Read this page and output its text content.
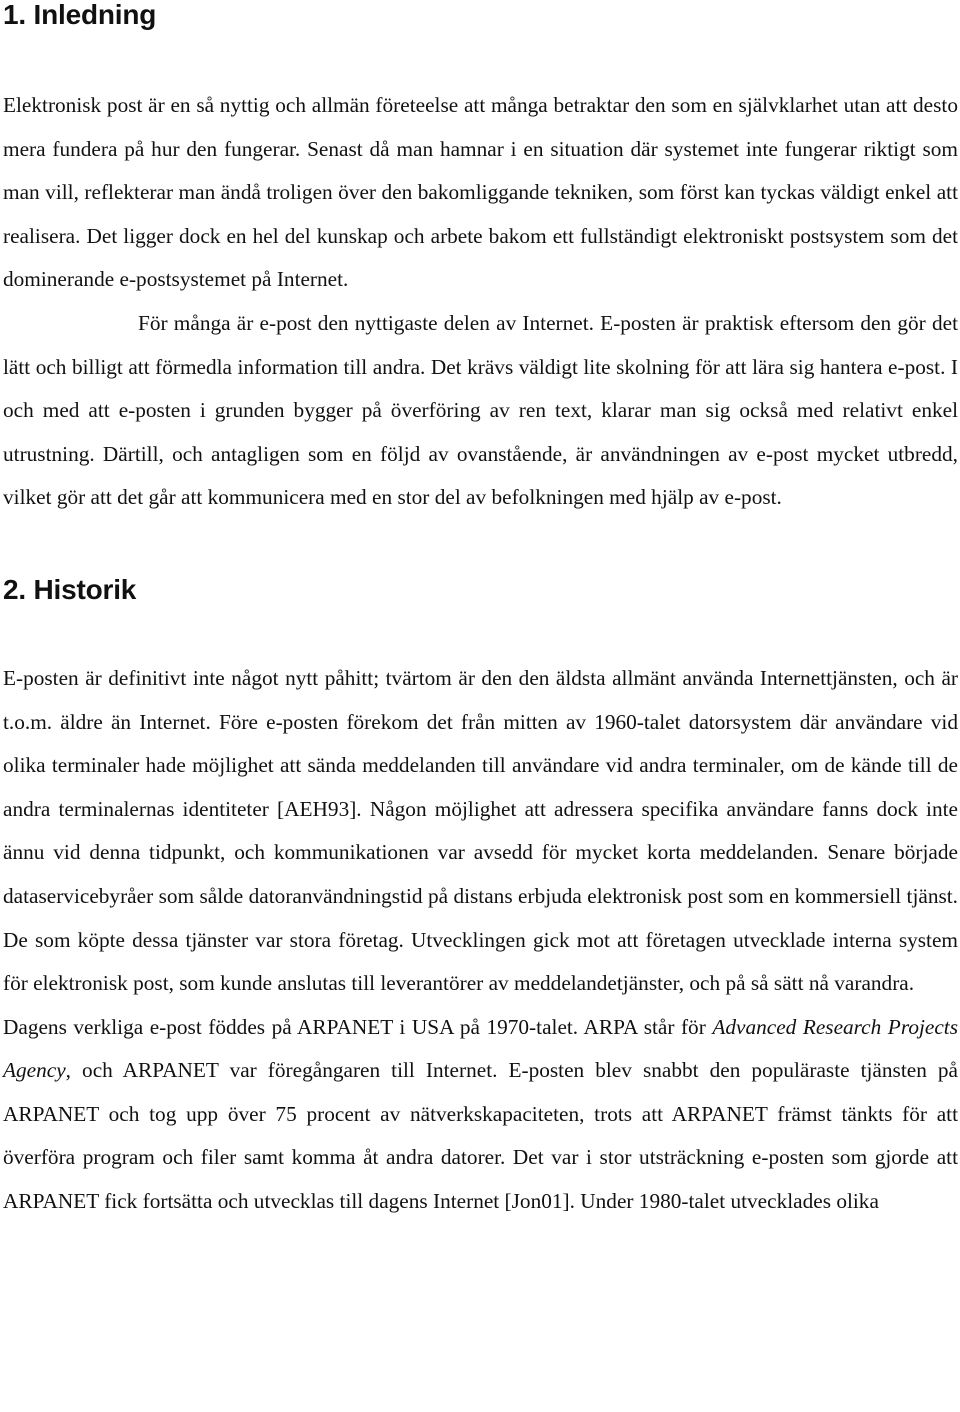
1. Inledning

Elektronisk post är en så nyttig och allmän företeelse att många betraktar den som en självklarhet utan att desto mera fundera på hur den fungerar. Senast då man hamnar i en situation där systemet inte fungerar riktigt som man vill, reflekterar man ändå troligen över den bakomliggande tekniken, som först kan tyckas väldigt enkel att realisera. Det ligger dock en hel del kunskap och arbete bakom ett fullständigt elektroniskt postsystem som det dominerande e-postsystemet på Internet.

För många är e-post den nyttigaste delen av Internet. E-posten är praktisk eftersom den gör det lätt och billigt att förmedla information till andra. Det krävs väldigt lite skolning för att lära sig hantera e-post. I och med att e-posten i grunden bygger på överföring av ren text, klarar man sig också med relativt enkel utrustning. Därtill, och antagligen som en följd av ovanstående, är användningen av e-post mycket utbredd, vilket gör att det går att kommunicera med en stor del av befolkningen med hjälp av e-post.

2. Historik

E-posten är definitivt inte något nytt påhitt; tvärtom är den den äldsta allmänt använda Internettjänsten, och är t.o.m. äldre än Internet. Före e-posten förekom det från mitten av 1960-talet datorsystem där användare vid olika terminaler hade möjlighet att sända meddelanden till användare vid andra terminaler, om de kände till de andra terminalernas identiteter [AEH93]. Någon möjlighet att adressera specifika användare fanns dock inte ännu vid denna tidpunkt, och kommunikationen var avsedd för mycket korta meddelanden. Senare började dataservicebyråer som sålde datoranvändningstid på distans erbjuda elektronisk post som en kommersiell tjänst. De som köpte dessa tjänster var stora företag. Utvecklingen gick mot att företagen utvecklade interna system för elektronisk post, som kunde anslutas till leverantörer av meddelandetjänster, och på så sätt nå varandra.

Dagens verkliga e-post föddes på ARPANET i USA på 1970-talet. ARPA står för Advanced Research Projects Agency, och ARPANET var föregångaren till Internet. E-posten blev snabbt den populäraste tjänsten på ARPANET och tog upp över 75 procent av nätverkskapaciteten, trots att ARPANET främst tänkts för att överföra program och filer samt komma åt andra datorer. Det var i stor utsträckning e-posten som gjorde att ARPANET fick fortsätta och utvecklas till dagens Internet [Jon01]. Under 1980-talet utvecklades olika
